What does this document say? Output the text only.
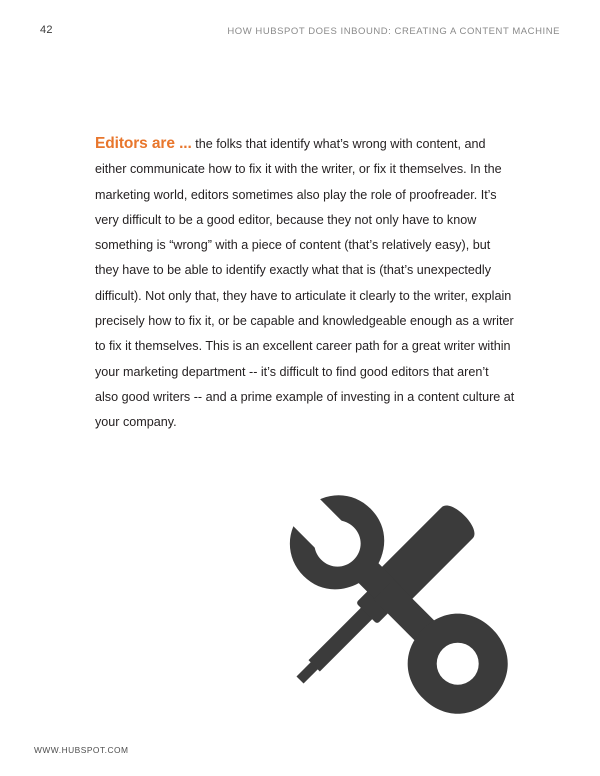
42	HOW HUBSPOT DOES INBOUND: CREATING A CONTENT MACHINE

Editors are ... the folks that identify what’s wrong with content, and either communicate how to fix it with the writer, or fix it themselves. In the marketing world, editors sometimes also play the role of proofreader. It’s very difficult to be a good editor, because they not only have to know something is “wrong” with a piece of content (that’s relatively easy), but they have to be able to identify exactly what that is (that’s unexpectedly difficult). Not only that, they have to articulate it clearly to the writer, explain precisely how to fix it, or be capable and knowledgeable enough as a writer to fix it themselves. This is an excellent career path for a great writer within your marketing department -- it’s difficult to find good editors that aren’t also good writers -- and a prime example of investing in a content culture at your company.

WWW.HUBSPOT.COM
